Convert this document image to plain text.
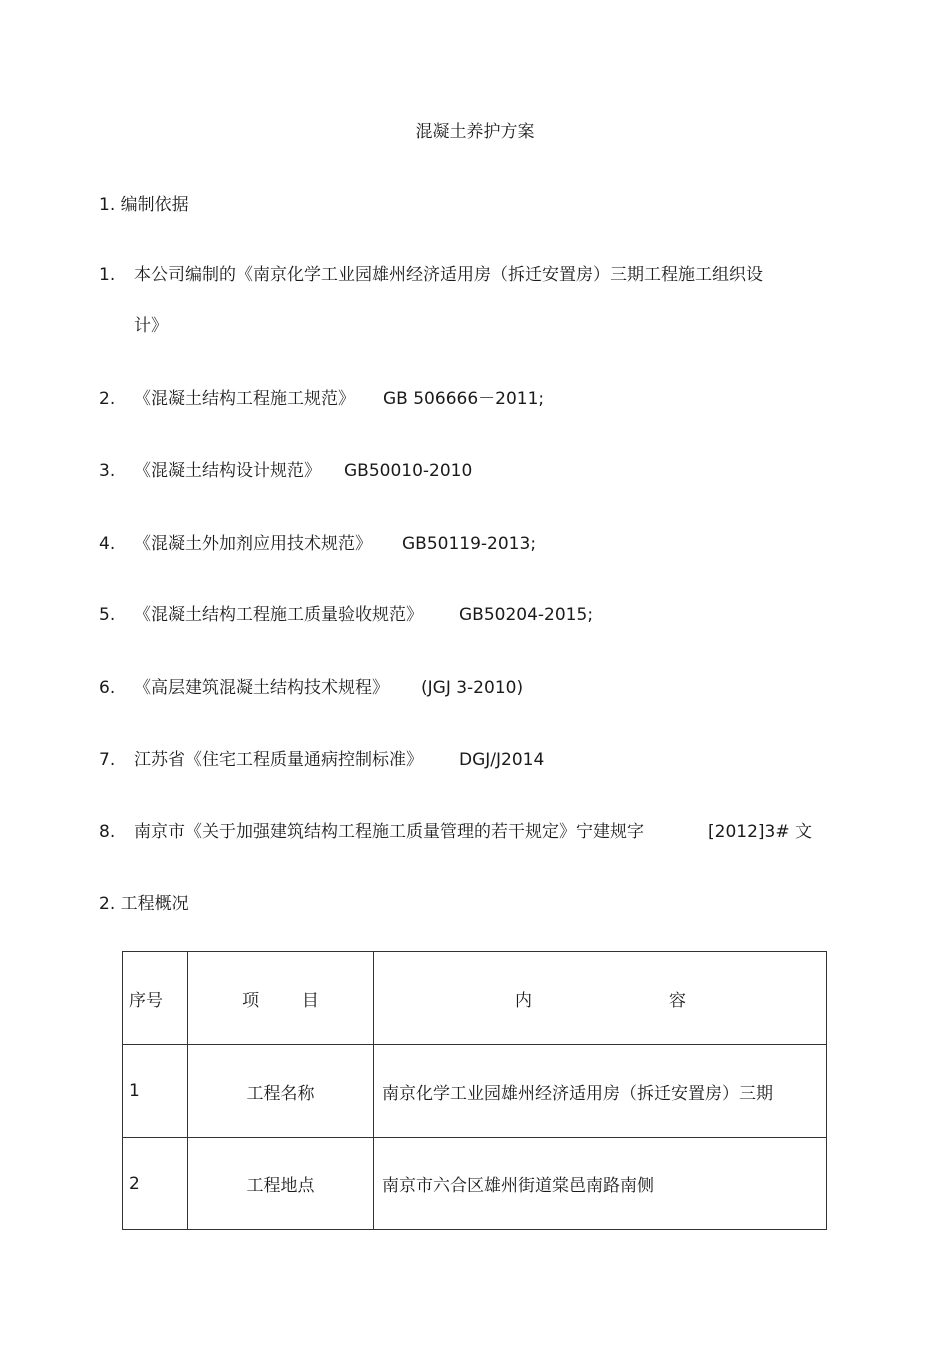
混凝土养护方案
1. 编制依据
1. 本公司编制的《南京化学工业园雄州经济适用房（拆迁安置房）三期工程施工组织设
计》
2. 《混凝土结构工程施工规范》 GB 506666－2011;
3. 《混凝土结构设计规范》 GB50010-2010
4. 《混凝土外加剂应用技术规范》 GB50119-2013;
5. 《混凝土结构工程施工质量验收规范》 GB50204-2015;
6. 《高层建筑混凝土结构技术规程》 (JGJ 3-2010)
7. 江苏省《住宅工程质量通病控制标准》 DGJ/J2014
8. 南京市《关于加强建筑结构工程施工质量管理的若干规定》宁建规字	[2012]3# 文
2. 工程概况
序号	项 目	内 容

1	工程名称	南京化学工业园雄州经济适用房（拆迁安置房）三期
2	工程地点	南京市六合区雄州街道棠邑南路南侧
